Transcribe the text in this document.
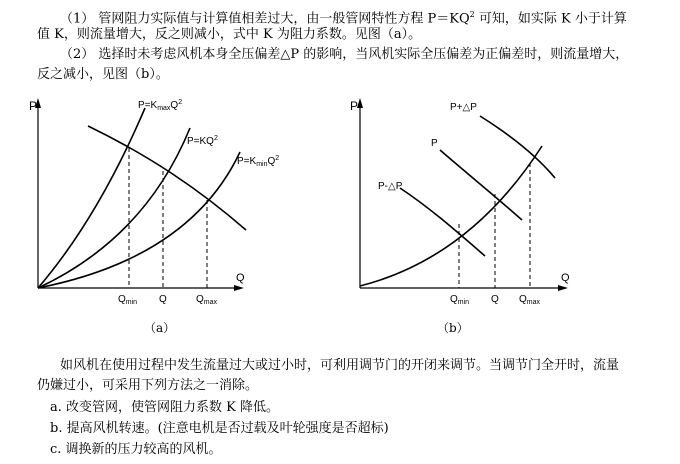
（1） 管网阻力实际值与计算值相差过大，由一般管网特性方程 $P=KQ^2$ 可知，如实际 K 小于计算
值 K，则流量增大，反之则减小，式中 K 为阻力系数。见图（a）。
（2） 选择时未考虑风机本身全压偏差△P 的影响，当风机实际全压偏差为正偏差时，则流量增大，
反之减小，见图（b）。
P
Q
$P=K_{max}Q^2$
$P=KQ^2$
$P=K_{min}Q^2$
$Q_{min}$ Q	$Q_{max}$
P
Q
P+△P
P
P-△P
$Q_{min}$ Q $Q_{max}$
（a）	（b）
如风机在使用过程中发生流量过大或过小时，可利用调节门的开闭来调节。当调节门全开时，流量
仍嫌过小，可采用下列方法之一消除。
a. 改变管网，使管网阻力系数 K 降低。
b. 提高风机转速。(注意电机是否过载及叶轮强度是否超标)
c. 调换新的压力较高的风机。
